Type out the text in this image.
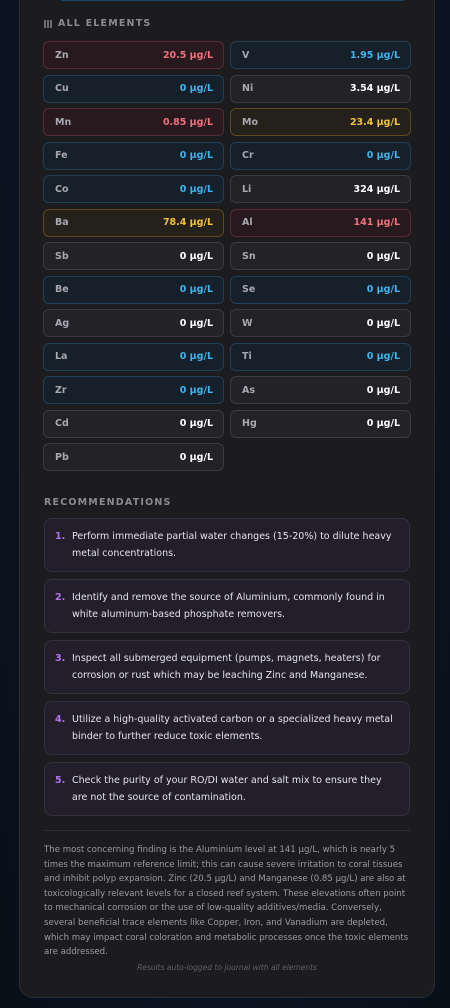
ALL ELEMENTS
Zn	20.5 µg/L	V	1.95 µg/L
Cu	0 µg/L	Ni	3.54 µg/L
Mn	0.85 µg/L	Mo	23.4 µg/L
Fe	0 µg/L	Cr	0 µg/L
Co	0 µg/L	Li	324 µg/L
Ba	78.4 µg/L	Al	141 µg/L
Sb	0 µg/L	Sn	0 µg/L
Be	0 µg/L	Se	0 µg/L
Ag	0 µg/L	W	0 µg/L
La	0 µg/L	Ti	0 µg/L
Zr	0 µg/L	As	0 µg/L
Cd	0 µg/L	Hg	0 µg/L
Pb	0 µg/L
RECOMMENDATIONS
1. Perform immediate partial water changes (15-20%) to dilute heavy metal concentrations.
2. Identify and remove the source of Aluminium, commonly found in white aluminum-based phosphate removers.
3. Inspect all submerged equipment (pumps, magnets, heaters) for corrosion or rust which may be leaching Zinc and Manganese.
4. Utilize a high-quality activated carbon or a specialized heavy metal binder to further reduce toxic elements.
5. Check the purity of your RO/DI water and salt mix to ensure they are not the source of contamination.
The most concerning finding is the Aluminium level at 141 µg/L, which is nearly 5 times the maximum reference limit; this can cause severe irritation to coral tissues and inhibit polyp expansion. Zinc (20.5 µg/L) and Manganese (0.85 µg/L) are also at toxicologically relevant levels for a closed reef system. These elevations often point to mechanical corrosion or the use of low-quality additives/media. Conversely, several beneficial trace elements like Copper, Iron, and Vanadium are depleted, which may impact coral coloration and metabolic processes once the toxic elements are addressed.
Results auto-logged to journal with all elements
